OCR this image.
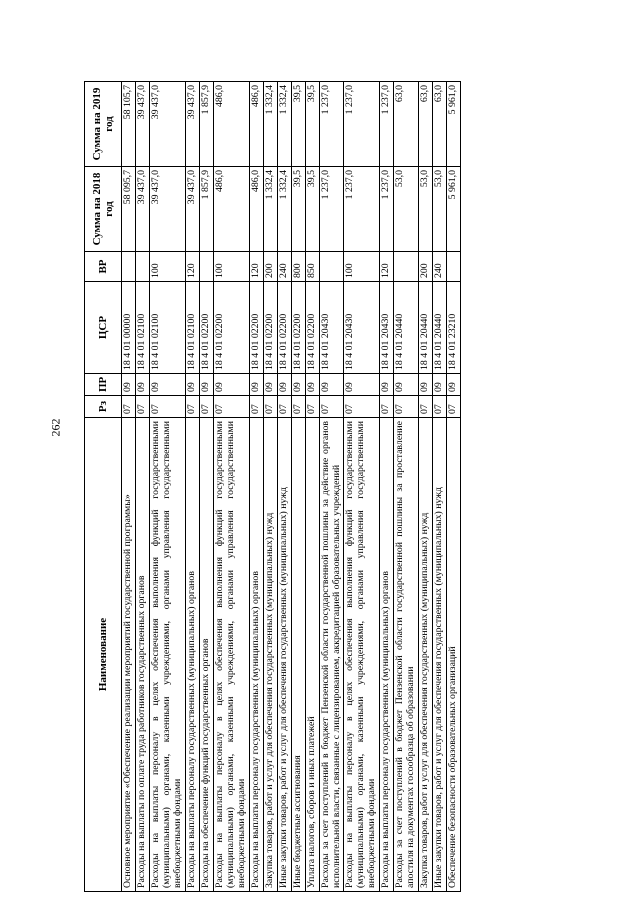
262
Наименование	Рз	ПР	ЦСР	ВР	Сумма на 2018 год	Сумма на 2019 год
Основное мероприятие «Обеспечение реализации мероприятий государственной программы»	07	09	18 4 01 00000		58 095,7	58 105,7
Расходы на выплаты по оплате труда работников государственных органов	07	09	18 4 01 02100		39 437,0	39 437,0
Расходы на выплаты персоналу в целях обеспечения выполнения функций государственными (муниципальными) органами, казенными учреждениями, органами управления государственными внебюджетными фондами	07	09	18 4 01 02100	100	39 437,0	39 437,0
Расходы на выплаты персоналу государственных (муниципальных) органов	07	09	18 4 01 02100	120	39 437,0	39 437,0
Расходы на обеспечение функций государственных органов	07	09	18 4 01 02200		1 857,9	1 857,9
Расходы на выплаты персоналу в целях обеспечения выполнения функций государственными (муниципальными) органами, казенными учреждениями, органами управления государственными внебюджетными фондами	07	09	18 4 01 02200	100	486,0	486,0
Расходы на выплаты персоналу государственных (муниципальных) органов	07	09	18 4 01 02200	120	486,0	486,0
Закупка товаров, работ и услуг для обеспечения государственных (муниципальных) нужд	07	09	18 4 01 02200	200	1 332,4	1 332,4
Иные закупки товаров, работ и услуг для обеспечения государственных (муниципальных) нужд	07	09	18 4 01 02200	240	1 332,4	1 332,4
Иные бюджетные ассигнования	07	09	18 4 01 02200	800	39,5	39,5
Уплата налогов, сборов и иных платежей	07	09	18 4 01 02200	850	39,5	39,5
Расходы за счет поступлений в бюджет Пензенской области государственной пошлины за действие органов исполнительной власти, связанные с лицензированием, аккредитацией образовательных учреждений	07	09	18 4 01 20430		1 237,0	1 237,0
Расходы на выплаты персоналу в целях обеспечения выполнения функций государственными (муниципальными) органами, казенными учреждениями, органами управления государственными внебюджетными фондами	07	09	18 4 01 20430	100	1 237,0	1 237,0
Расходы на выплаты персоналу государственных (муниципальных) органов	07	09	18 4 01 20430	120	1 237,0	1 237,0
Расходы за счет поступлений в бюджет Пензенской области государственной пошлины за проставление апостиля на документах госообразца об образовании	07	09	18 4 01 20440		53,0	63,0
Закупка товаров, работ и услуг для обеспечения государственных (муниципальных) нужд	07	09	18 4 01 20440	200	53,0	63,0
Иные закупки товаров, работ и услуг для обеспечения государственных (муниципальных) нужд	07	09	18 4 01 20440	240	53,0	63,0
Обеспечение безопасности образовательных организаций	07	09	18 4 01 23210		5 961,0	5 961,0
